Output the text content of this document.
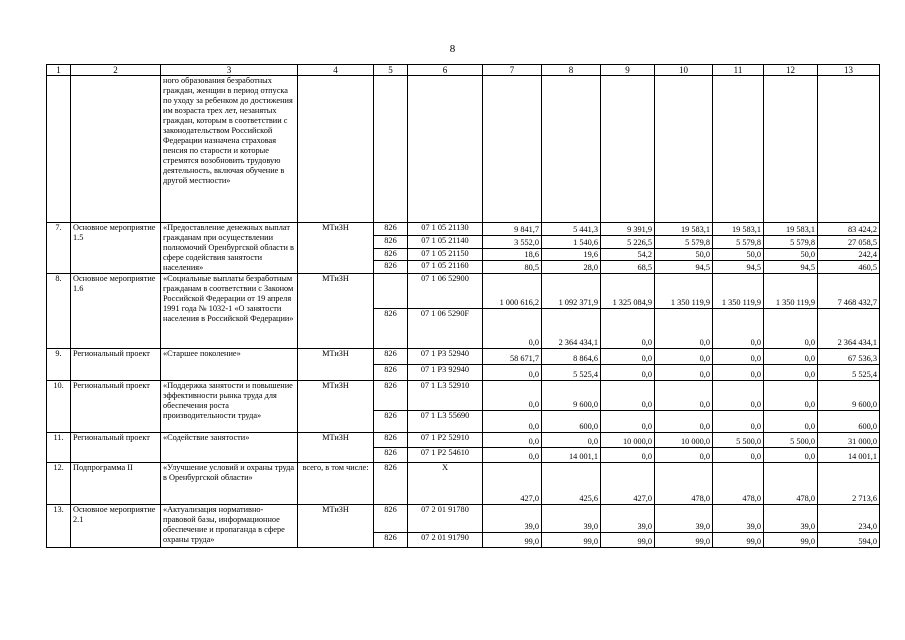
8
1	2	3	4	5	6	7	8	9	10	11	12	13
		ного образования безработных граждан, женщин в период отпуска по уходу за ребенком до достижения им возраста трех лет, незанятых граждан, которым в соответствии с законодательством Российской Федерации назначена страховая пенсия по старости и которые стремятся возобновить трудовую деятельность, включая обучение в другой местности»										
7.	Основное мероприятие 1.5	«Предоставление денежных выплат гражданам при осуществлении полномочий Оренбургской области в сфере содействия занятости населения»	МТиЗН	826	07 1 05 21130	9 841,7	5 441,3	9 391,9	19 583,1	19 583,1	19 583,1	83 424,2
				826	07 1 05 21140	3 552,0	1 540,6	5 226,5	5 579,8	5 579,8	5 579,8	27 058,5
				826	07 1 05 21150	18,6	19,6	54,2	50,0	50,0	50,0	242,4
				826	07 1 05 21160	80,5	28,0	68,5	94,5	94,5	94,5	460,5
8.	Основное мероприятие 1.6	«Социальные выплаты безработным гражданам в соответствии с Законом Российской Федерации от 19 апреля 1991 года № 1032-1 «О занятости населения в Российской Федерации»	МТиЗН		07 1 06 52900	1 000 616,2	1 092 371,9	1 325 084,9	1 350 119,9	1 350 119,9	1 350 119,9	7 468 432,7
				826	07 1 06 5290F	0,0	2 364 434,1	0,0	0,0	0,0	0,0	2 364 434,1
9.	Региональный проект	«Старшее поколение»	МТиЗН	826	07 1 P3 52940	58 671,7	8 864,6	0,0	0,0	0,0	0,0	67 536,3
				826	07 1 P3 92940	0,0	5 525,4	0,0	0,0	0,0	0,0	5 525,4
10.	Региональный проект	«Поддержка занятости и повышение эффективности рынка труда для обеспечения роста производительности труда»	МТиЗН	826	07 1 L3 52910	0,0	9 600,0	0,0	0,0	0,0	0,0	9 600,0
				826	07 1 L3 55690	0,0	600,0	0,0	0,0	0,0	0,0	600,0
11.	Региональный проект	«Содействие занятости»	МТиЗН	826	07 1 P2 52910	0,0	0,0	10 000,0	10 000,0	5 500,0	5 500,0	31 000,0
				826	07 1 P2 54610	0,0	14 001,1	0,0	0,0	0,0	0,0	14 001,1
12.	Подпрограмма II	«Улучшение условий и охраны труда в Оренбургской области»	всего, в том числе:	826	Х	427,0	425,6	427,0	478,0	478,0	478,0	2 713,6
13.	Основное мероприятие 2.1	«Актуализация нормативно-правовой базы, информационное обеспечение и пропаганда в сфере охраны труда»	МТиЗН	826	07 2 01 91780	39,0	39,0	39,0	39,0	39,0	39,0	234,0
				826	07 2 01 91790	99,0	99,0	99,0	99,0	99,0	99,0	594,0
